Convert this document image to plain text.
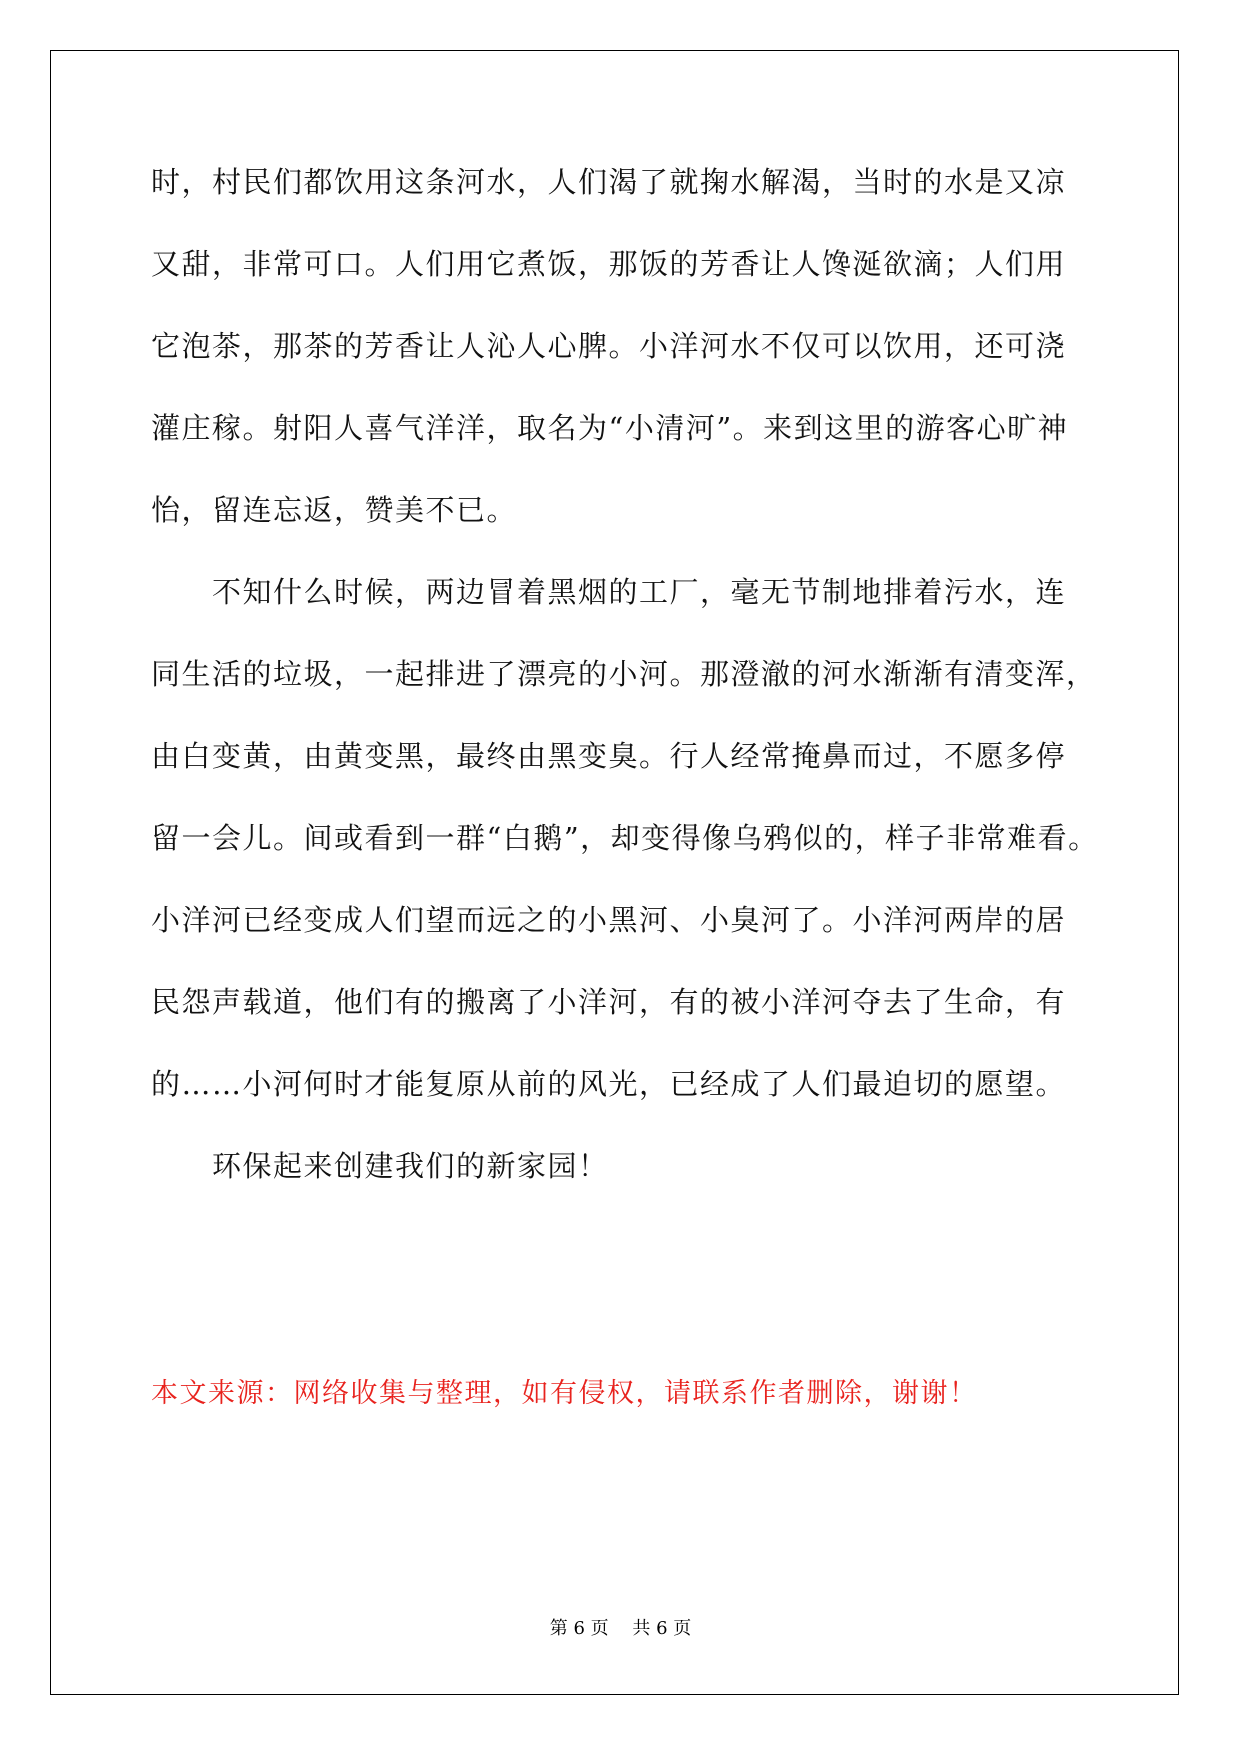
时，村民们都饮用这条河水，人们渴了就掬水解渴，当时的水是又凉
又甜，非常可口。人们用它煮饭，那饭的芳香让人馋涎欲滴；人们用
它泡茶，那茶的芳香让人沁人心脾。小洋河水不仅可以饮用，还可浇
灌庄稼。射阳人喜气洋洋，取名为“小清河”。来到这里的游客心旷神
怡，留连忘返，赞美不已。
　　不知什么时候，两边冒着黑烟的工厂，毫无节制地排着污水，连
同生活的垃圾，一起排进了漂亮的小河。那澄澈的河水渐渐有清变浑，
由白变黄，由黄变黑，最终由黑变臭。行人经常掩鼻而过，不愿多停
留一会儿。间或看到一群“白鹅”，却变得像乌鸦似的，样子非常难看。
小洋河已经变成人们望而远之的小黑河、小臭河了。小洋河两岸的居
民怨声载道，他们有的搬离了小洋河，有的被小洋河夺去了生命，有
的……小河何时才能复原从前的风光，已经成了人们最迫切的愿望。
　　环保起来创建我们的新家园！
本文来源：网络收集与整理，如有侵权，请联系作者删除，谢谢！
第 6 页　 共 6 页
